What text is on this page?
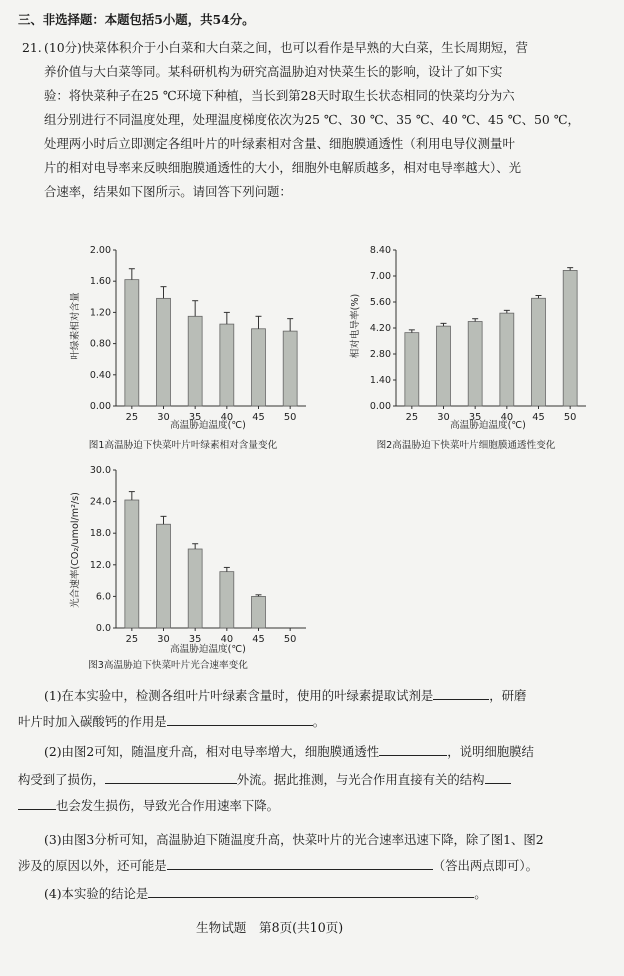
三、非选择题：本题包括5小题，共54分。
21. (10分)快菜体积介于小白菜和大白菜之间，也可以看作是早熟的大白菜，生长周期短，营
养价值与大白菜等同。某科研机构为研究高温胁迫对快菜生长的影响，设计了如下实
验：将快菜种子在25 ℃环境下种植，当长到第28天时取生长状态相同的快菜均分为六
组分别进行不同温度处理，处理温度梯度依次为25 ℃、30 ℃、35 ℃、40 ℃、45 ℃、50 ℃，
处理两小时后立即测定各组叶片的叶绿素相对含量、细胞膜通透性（利用电导仪测量叶
片的相对电导率来反映细胞膜通透性的大小，细胞外电解质越多，相对电导率越大）、光
合速率，结果如下图所示。请回答下列问题：
0.00
0.40
0.80
1.20
1.60
2.00
25 30 35 40 45 50
叶绿素相对含量
高温胁迫温度(℃)
图1高温胁迫下快菜叶片叶绿素相对含量变化
0.00
1.40
2.80
4.20
5.60
7.00
8.40
25 30 35 40 45 50
相对电导率(%)
高温胁迫温度(℃)
图2高温胁迫下快菜叶片细胞膜通透性变化
0.0
6.0
12.0
18.0
24.0
30.0
25 30 35 40 45 50
光合速率(CO₂/umol/m²/s)
高温胁迫温度(℃)
图3高温胁迫下快菜叶片光合速率变化
(1)在本实验中，检测各组叶片叶绿素含量时，使用的叶绿素提取试剂是	，研磨
叶片时加入碳酸钙的作用是	。
(2)由图2可知，随温度升高，相对电导率增大，细胞膜通透性	，说明细胞膜结
构受到了损伤，	外流。据此推测，与光合作用直接有关的结构
也会发生损伤，导致光合作用速率下降。
(3)由图3分析可知，高温胁迫下随温度升高，快菜叶片的光合速率迅速下降，除了图1、图2
涉及的原因以外，还可能是	（答出两点即可）。
(4)本实验的结论是	。
生物试题　第8页(共10页)
